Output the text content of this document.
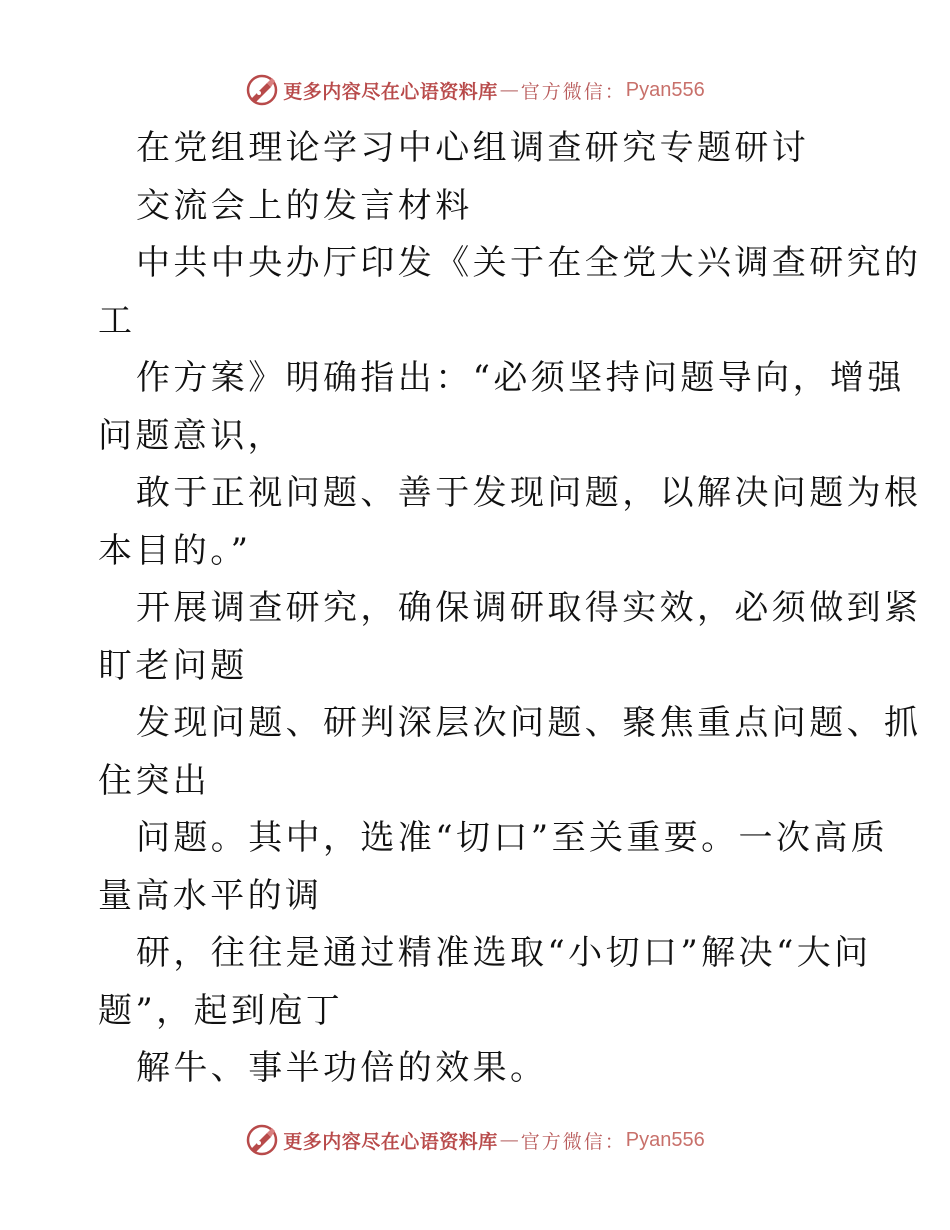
更多内容尽在心语资料库 — 官方微信： Pyan556
在党组理论学习中心组调查研究专题研讨
交流会上的发言材料
中共中央办厅印发《关于在全党大兴调查研究的
工
作方案》明确指出：“必须坚持问题导向，增强
问题意识，
敢于正视问题、善于发现问题，以解决问题为根
本目的。”
开展调查研究，确保调研取得实效，必须做到紧
盯老问题
发现问题、研判深层次问题、聚焦重点问题、抓
住突出
问题。其中，选准“切口”至关重要。一次高质
量高水平的调
研，往往是通过精准选取“小切口”解决“大问
题”，起到庖丁
解牛、事半功倍的效果。
更多内容尽在心语资料库 — 官方微信： Pyan556
